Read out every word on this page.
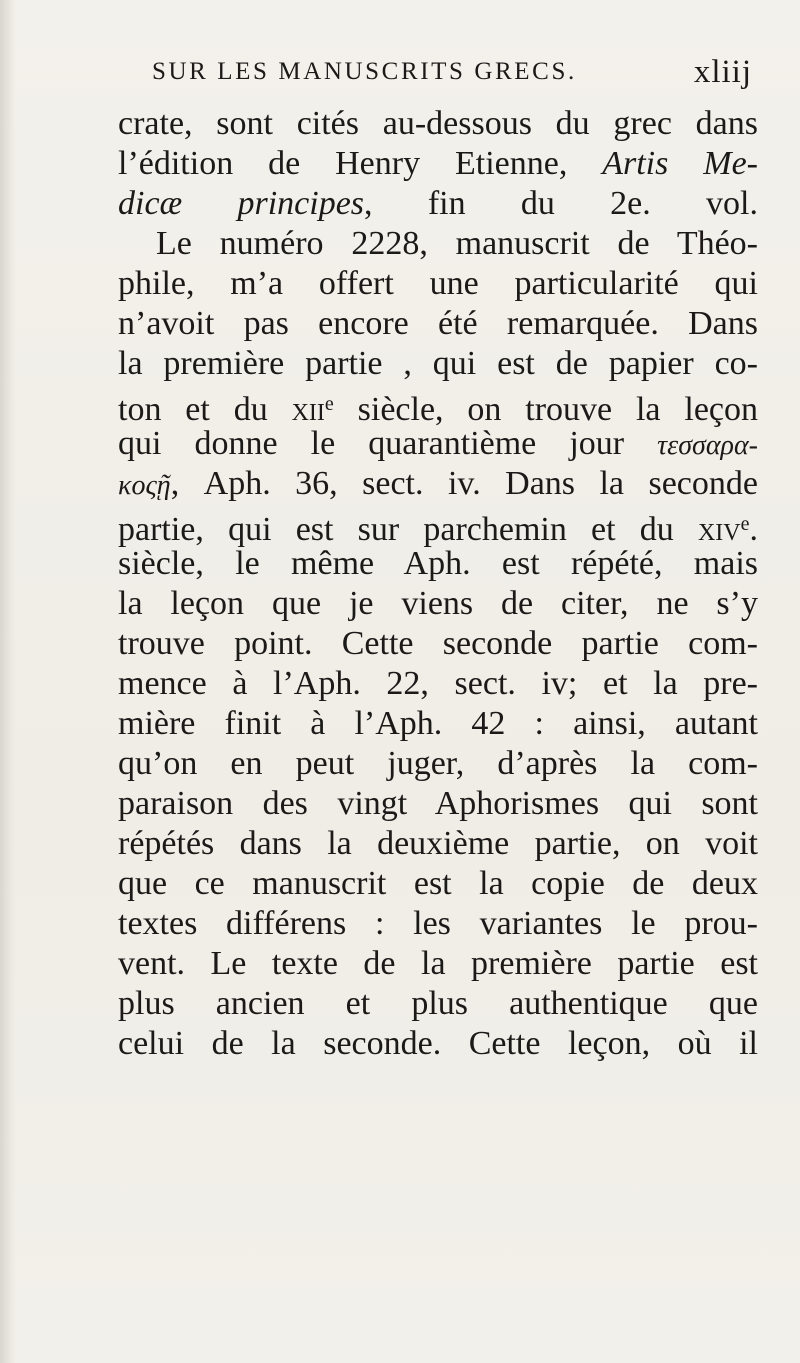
SUR LES MANUSCRITS GRECS.	xliij
crate, sont cités au-dessous du grec dans
l’édition de Henry Etienne, Artis Me-
dicæ principes, fin du 2e. vol.
Le numéro 2228, manuscrit de Théo-
phile, m’a offert une particularité qui
n’avoit pas encore été remarquée. Dans
la première partie , qui est de papier co-
ton et du xii$^e$ siècle, on trouve la leçon
qui donne le quarantième jour τεσσαρα-
κοςῇ, Aph. 36, sect. iv. Dans la seconde
partie, qui est sur parchemin et du xiv$^e$.
siècle, le même Aph. est répété, mais
la leçon que je viens de citer, ne s’y
trouve point. Cette seconde partie com-
mence à l’Aph. 22, sect. iv; et la pre-
mière finit à l’Aph. 42 : ainsi, autant
qu’on en peut juger, d’après la com-
paraison des vingt Aphorismes qui sont
répétés dans la deuxième partie, on voit
que ce manuscrit est la copie de deux
textes différens : les variantes le prou-
vent. Le texte de la première partie est
plus ancien et plus authentique que
celui de la seconde. Cette leçon, où il
